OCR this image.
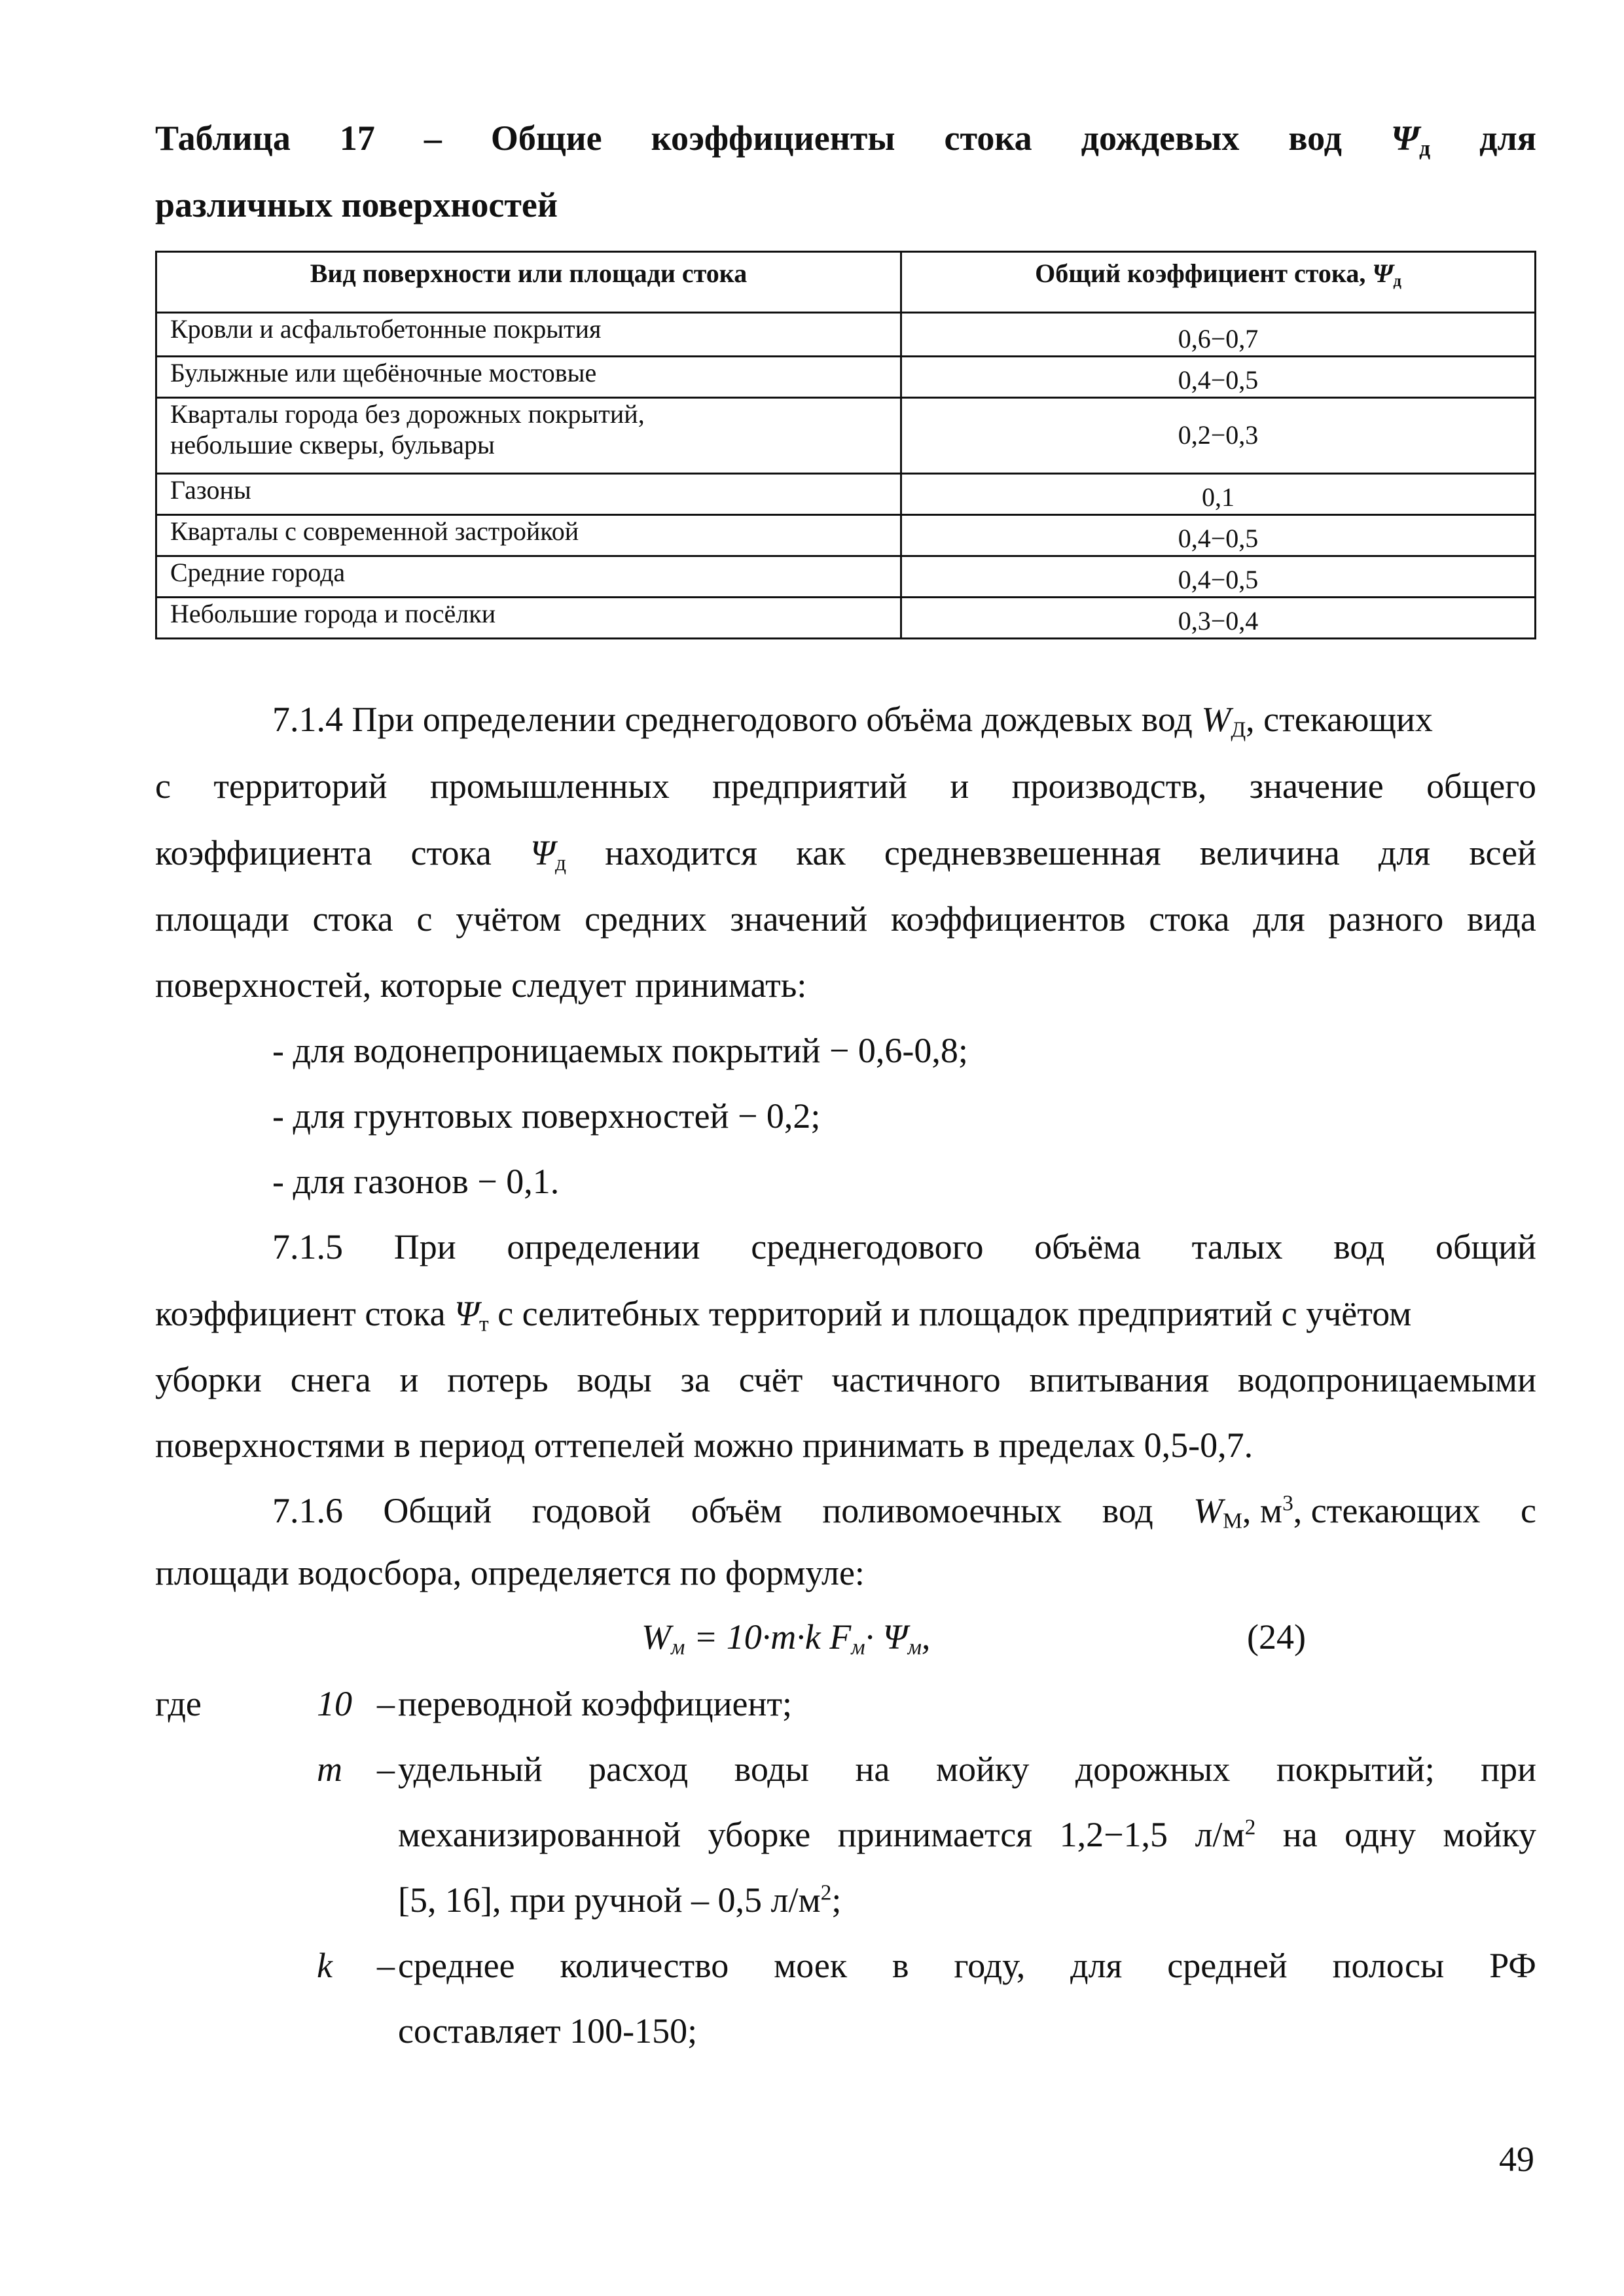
Таблица 17 – Общие коэффициенты стока дождевых вод $\Psi_д$ для
различных поверхностей
Вид поверхности или площади стока	Общий коэффициент стока, $\Psi_д$
Кровли и асфальтобетонные покрытия	0,6−0,7
Булыжные или щебёночные мостовые	0,4−0,5
Кварталы города без дорожных покрытий,
небольшие скверы, бульвары	0,2−0,3
Газоны	0,1
Кварталы с современной застройкой	0,4−0,5
Средние города	0,4−0,5
Небольшие города и посёлки	0,3−0,4
7.1.4 При определении среднегодового объёма дождевых вод $W_Д$, стекающих
с территорий промышленных предприятий и производств, значение общего
коэффициента стока $\Psi_д$ находится как средневзвешенная величина для всей
площади стока с учётом средних значений коэффициентов стока для разного вида
поверхностей, которые следует принимать:
- для водонепроницаемых покрытий − 0,6-0,8;
- для грунтовых поверхностей − 0,2;
- для газонов − 0,1.
7.1.5 При определении среднегодового объёма талых вод общий
коэффициент стока $\Psi_т$ с селитебных территорий и площадок предприятий с учётом
уборки снега и потерь воды за счёт частичного впитывания водопроницаемыми
поверхностями в период оттепелей можно принимать в пределах 0,5-0,7.
7.1.6 Общий годовой объём поливомоечных вод $W_М$, $м^3$, стекающих с
площади водосбора, определяется по формуле:
$W_м = 10\cdot m\cdot k$ $F_м\cdot \Psi_м$,	(24)
где	10 – переводной коэффициент;
m – удельный расход воды на мойку дорожных покрытий; при
механизированной уборке принимается 1,2−1,5 $л/м^2$ на одну мойку
[5, 16], при ручной – 0,5 $л/м^2$;
k – среднее количество моек в году, для средней полосы РФ
составляет 100-150;
49
